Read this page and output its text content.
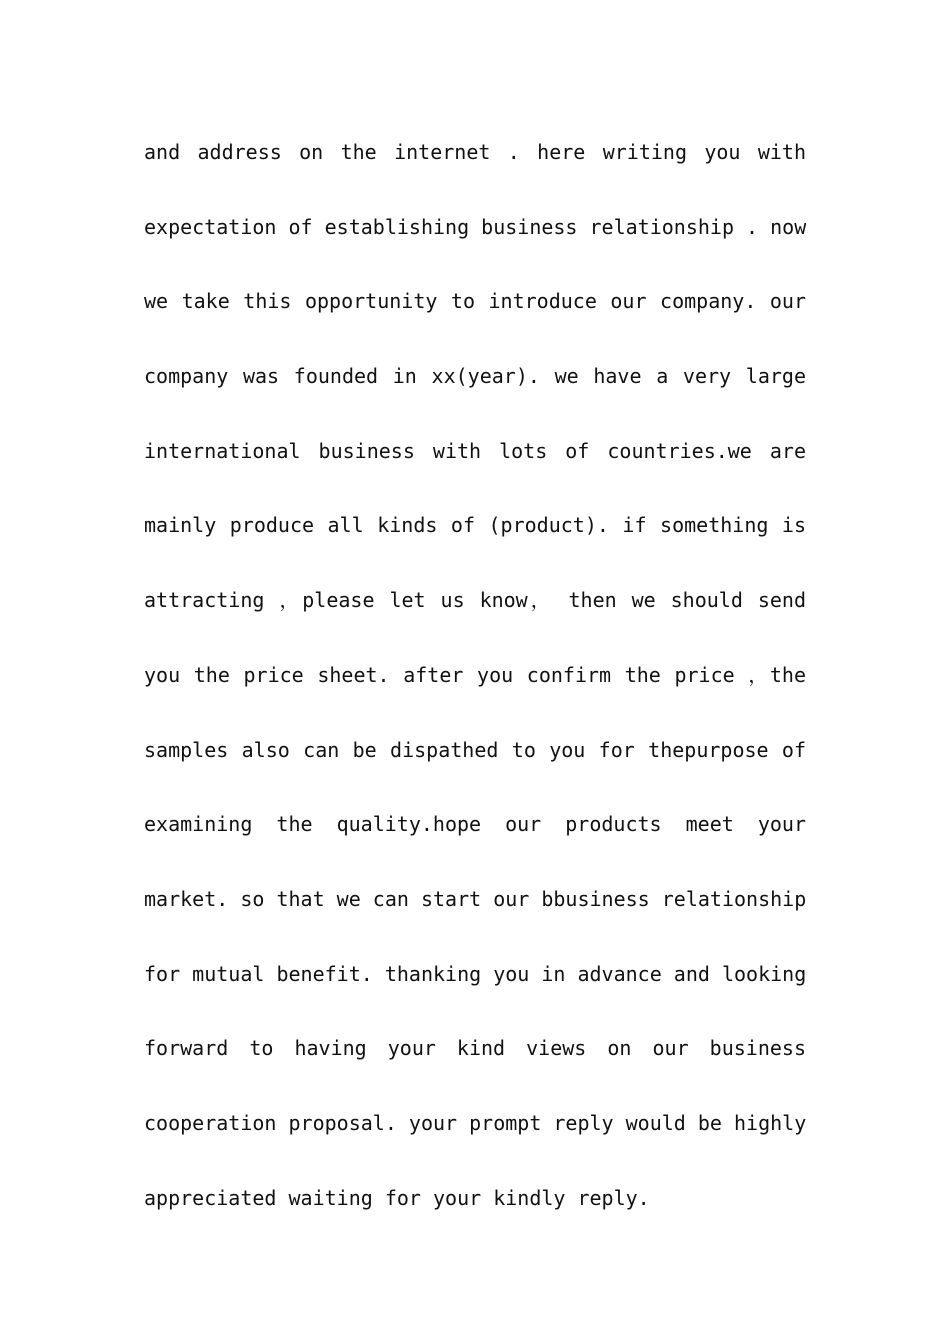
and address on the internet . here writing you with
expectation of establishing business relationship . now
we take this opportunity to introduce our company. our
company was founded in xx(year). we have a very large
international business with lots of countries.we are
mainly produce all kinds of (product). if something is
attracting ，please let us know， then we should send
you the price sheet. after you confirm the price ，the
samples also can be dispathed to you for thepurpose of
examining the quality.hope our products meet your
market. so that we can start our bbusiness relationship
for mutual benefit. thanking you in advance and looking
forward to having your kind views on our business
cooperation proposal. your prompt reply would be highly
appreciated waiting for your kindly reply.
